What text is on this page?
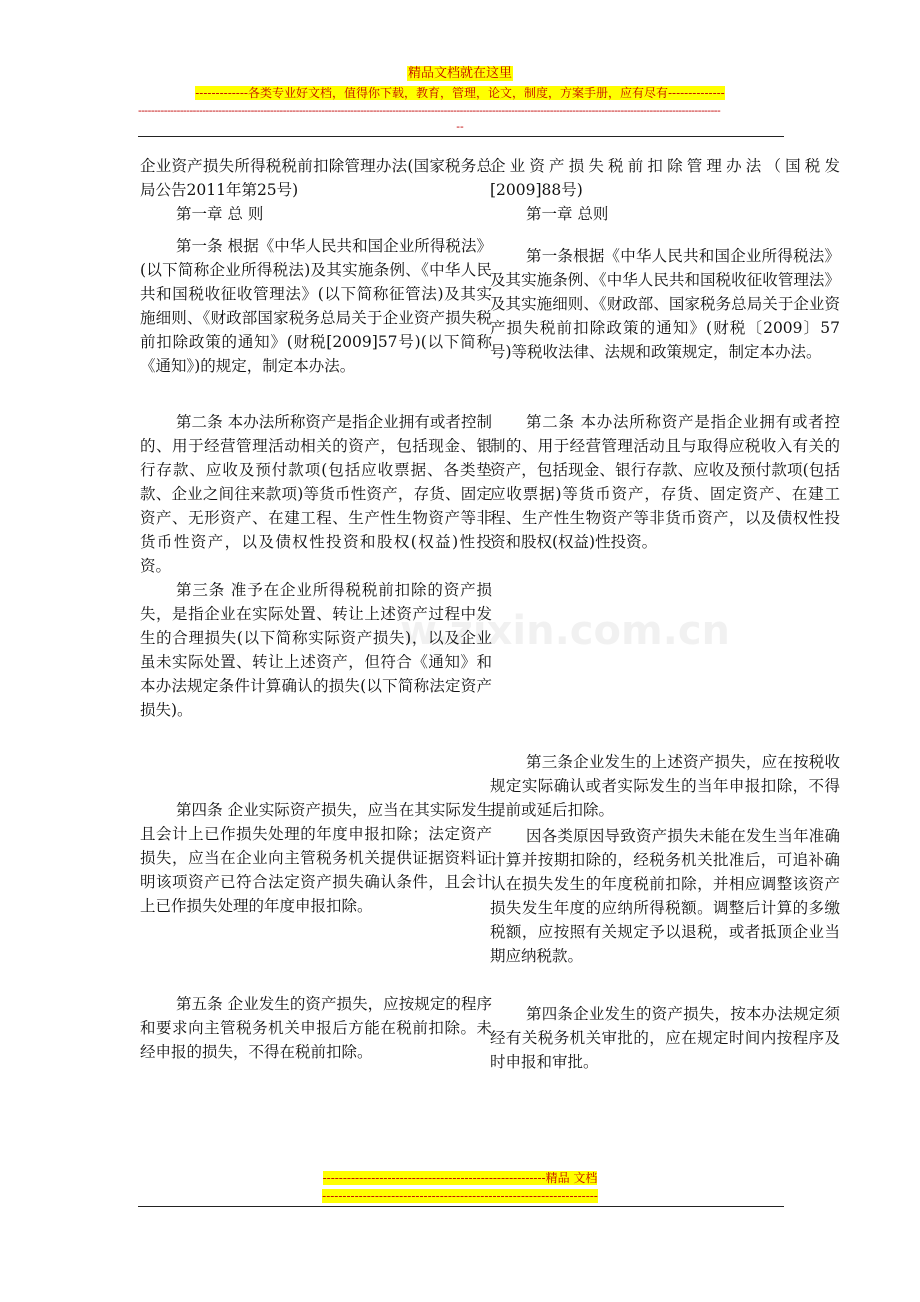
精品文档就在这里
-------------各类专业好文档，值得你下载，教育，管理，论文，制度，方案手册，应有尽有--------------
-------------------------------------------------------------------------------------------------------------------------------------------------------------------------------------
--
w.zixin.com.cn

企业资产损失所得税税前扣除管理办法(国家税务总局公告2011年第25号)

第一章 总 则

第一条 根据《中华人民共和国企业所得税法》(以下简称企业所得税法)及其实施条例、《中华人民共和国税收征收管理法》(以下简称征管法)及其实施细则、《财政部国家税务总局关于企业资产损失税前扣除政策的通知》(财税[2009]57号)(以下简称《通知》)的规定，制定本办法。

第二条 本办法所称资产是指企业拥有或者控制的、用于经营管理活动相关的资产，包括现金、银行存款、应收及预付款项(包括应收票据、各类垫款、企业之间往来款项)等货币性资产，存货、固定资产、无形资产、在建工程、生产性生物资产等非货币性资产，以及债权性投资和股权(权益)性投资。

第三条 准予在企业所得税税前扣除的资产损失，是指企业在实际处置、转让上述资产过程中发生的合理损失(以下简称实际资产损失)，以及企业虽未实际处置、转让上述资产，但符合《通知》和本办法规定条件计算确认的损失(以下简称法定资产损失)。

第四条 企业实际资产损失，应当在其实际发生且会计上已作损失处理的年度申报扣除；法定资产损失，应当在企业向主管税务机关提供证据资料证明该项资产已符合法定资产损失确认条件，且会计上已作损失处理的年度申报扣除。

第五条 企业发生的资产损失，应按规定的程序和要求向主管税务机关申报后方能在税前扣除。未经申报的损失，不得在税前扣除。

企业资产损失税前扣除管理办法（国税发[2009]88号)

第一章 总则

第一条根据《中华人民共和国企业所得税法》及其实施条例、《中华人民共和国税收征收管理法》及其实施细则、《财政部、国家税务总局关于企业资产损失税前扣除政策的通知》(财税〔2009〕57号)等税收法律、法规和政策规定，制定本办法。

第二条 本办法所称资产是指企业拥有或者控制的、用于经营管理活动且与取得应税收入有关的资产，包括现金、银行存款、应收及预付款项(包括应收票据)等货币资产，存货、固定资产、在建工程、生产性生物资产等非货币资产，以及债权性投资和股权(权益)性投资。

第三条企业发生的上述资产损失，应在按税收规定实际确认或者实际发生的当年申报扣除，不得提前或延后扣除。

因各类原因导致资产损失未能在发生当年准确计算并按期扣除的，经税务机关批准后，可追补确认在损失发生的年度税前扣除，并相应调整该资产损失发生年度的应纳所得税额。调整后计算的多缴税额，应按照有关规定予以退税，或者抵顶企业当期应纳税款。

第四条企业发生的资产损失，按本办法规定须经有关税务机关审批的，应在规定时间内按程序及时申报和审批。

-------------------------------------------------------精品 文档
--------------------------------------------------------------------
